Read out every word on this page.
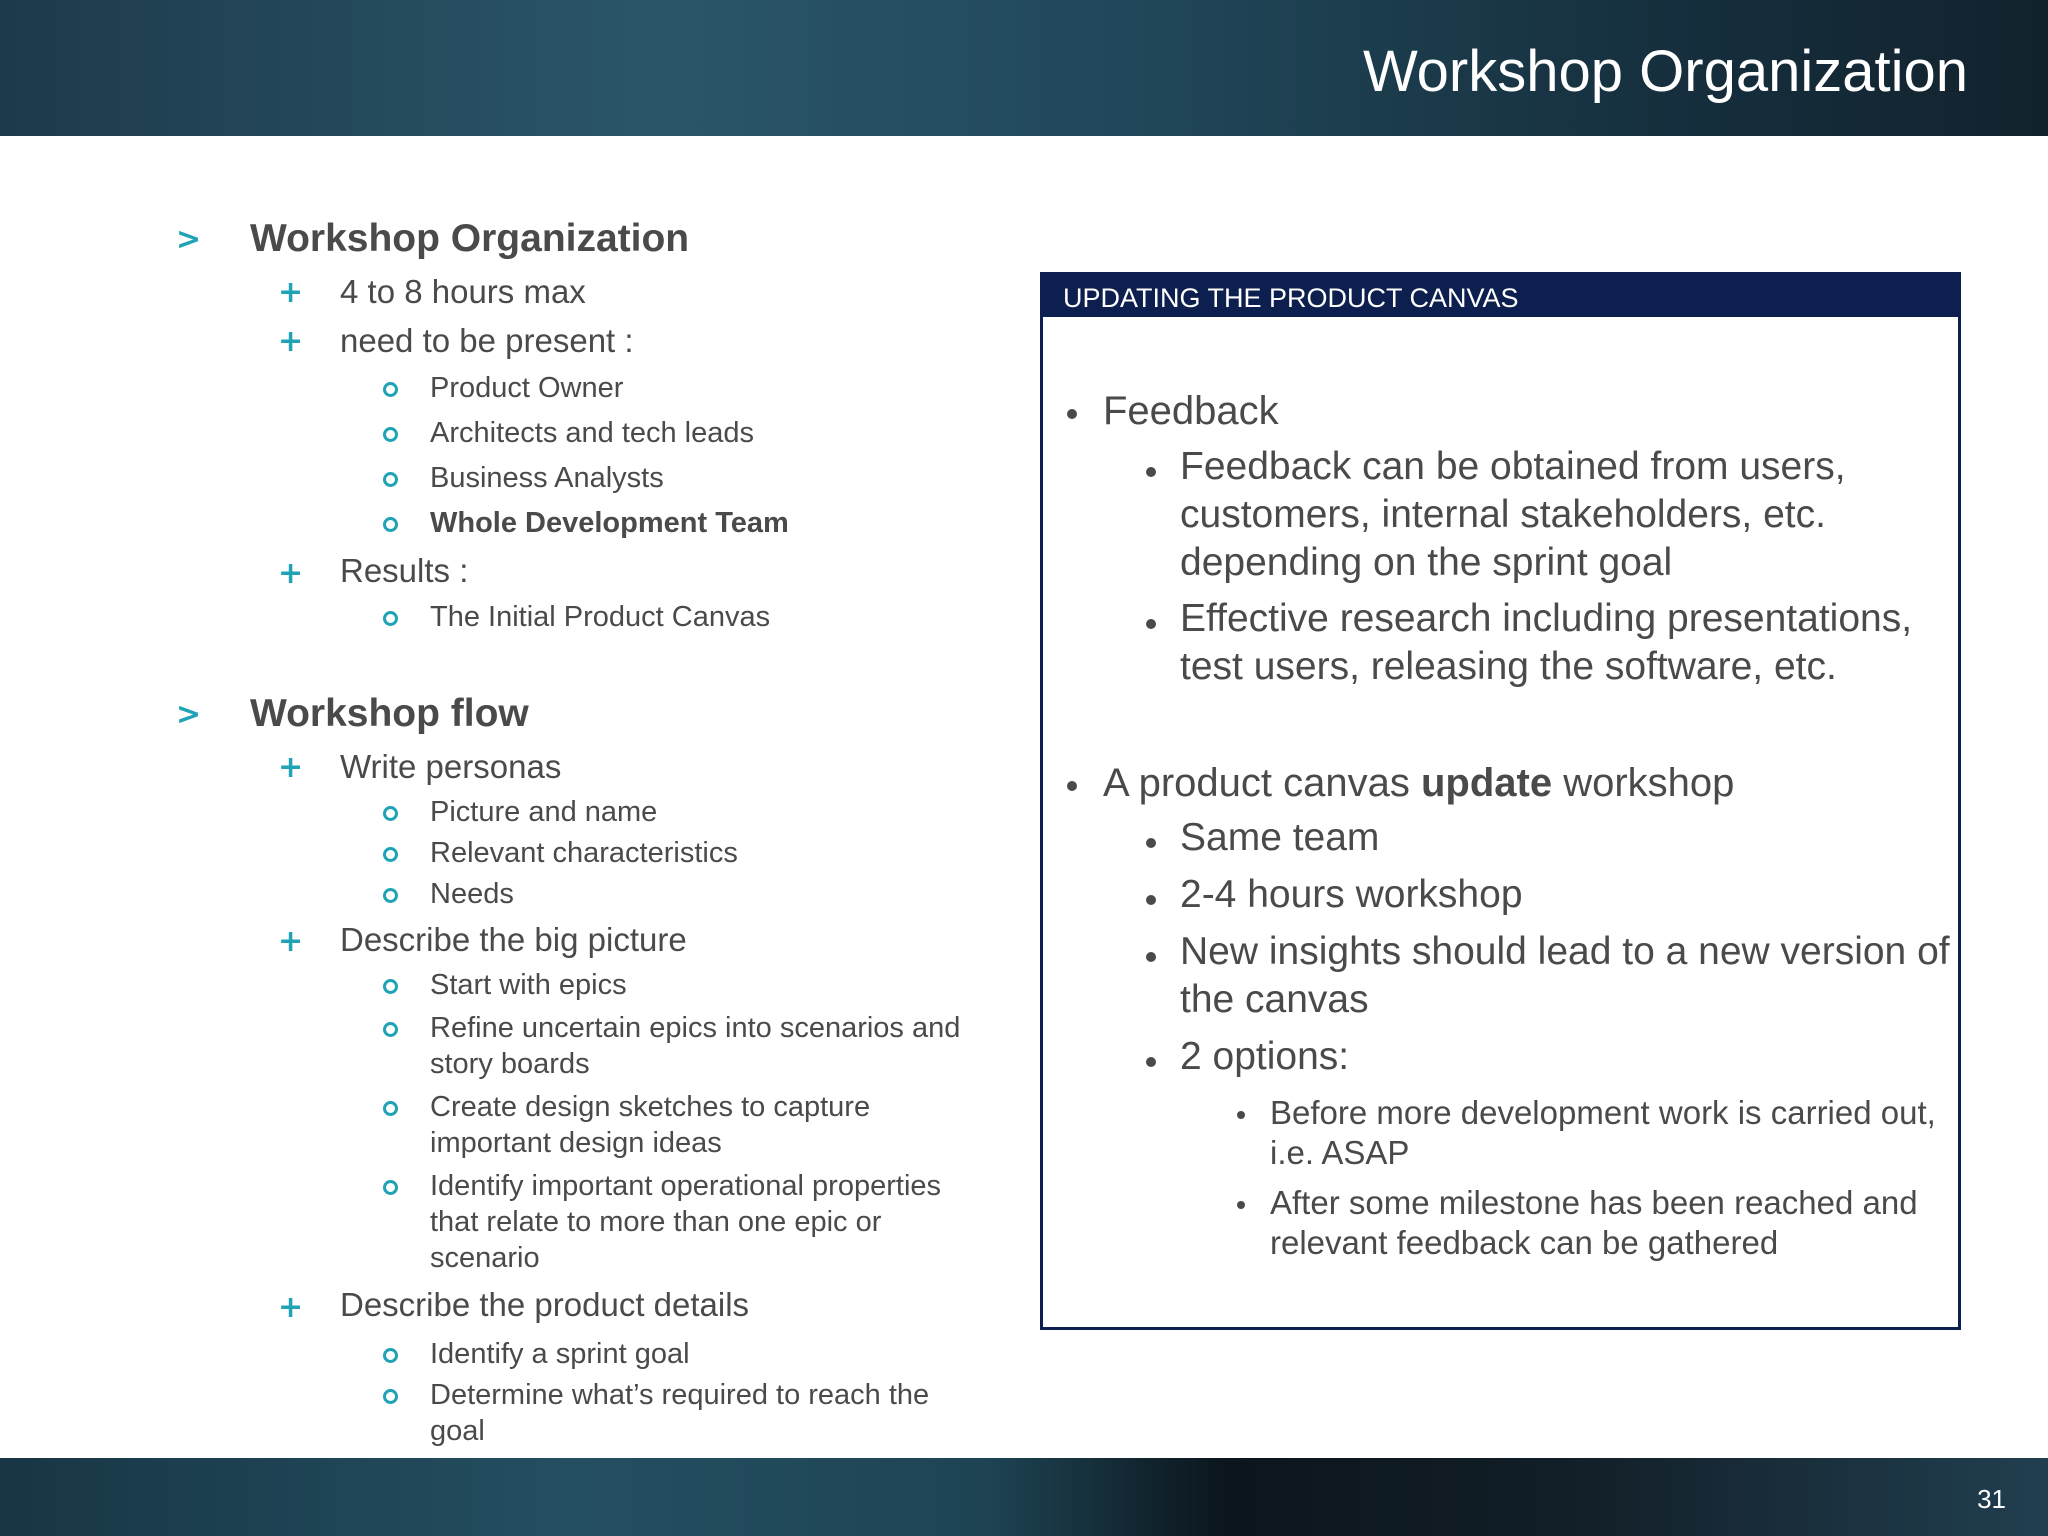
Workshop Organization
> Workshop Organization
+ 4 to 8 hours max
+ need to be present :
Product Owner
Architects and tech leads
Business Analysts
Whole Development Team
+ Results :
The Initial Product Canvas
> Workshop flow
+ Write personas
Picture and name
Relevant characteristics
Needs
+ Describe the big picture
Start with epics
Refine uncertain epics into scenarios and story boards
Create design sketches to capture important design ideas
Identify important operational properties that relate to more than one epic or scenario
+ Describe the product details
Identify a sprint goal
Determine what’s required to reach the goal
UPDATING THE PRODUCT CANVAS
Feedback
Feedback can be obtained from users, customers, internal stakeholders, etc. depending on the sprint goal
Effective research including presentations, test users, releasing the software, etc.
A product canvas update workshop
Same team
2-4 hours workshop
New insights should lead to a new version of the canvas
2 options:
Before more development work is carried out, i.e. ASAP
After some milestone has been reached and relevant feedback can be gathered
31
